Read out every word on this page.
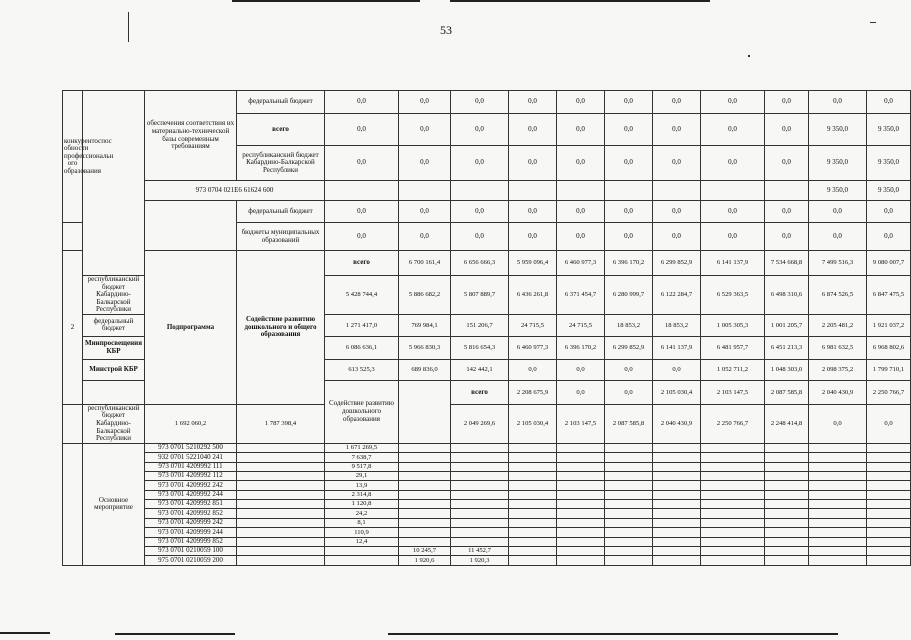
53
конкурентоспос обности профессиональн ого образования		обеспечения соответствия их материально-технической базы современным требованиям	федеральный бюджет	0,0	0,0	0,0	0,0	0,0	0,0	0,0	0,0	0,0	0,0	0,0	
			всего	0,0	0,0	0,0	0,0	0,0	0,0	0,0	0,0	0,0	9 350,0	9 350,0	
			республиканский бюджет Кабардино-Балкарской Республики	0,0	0,0	0,0	0,0	0,0	0,0	0,0	0,0	0,0	9 350,0	9 350,0	
		973 0704 021Е6 61624 600											9 350,0	9 350,0	
			федеральный бюджет	0,0	0,0	0,0	0,0	0,0	0,0	0,0	0,0	0,0	0,0	0,0	
			бюджеты муниципальных образований	0,0	0,0	0,0	0,0	0,0	0,0	0,0	0,0	0,0	0,0	0,0	
2		Подпрограмма	Содействие развитию дошкольного и общего образования	всего	6 700 161,4	6 656 666,3	5 959 096,4	6 460 977,3	6 396 170,2	6 299 852,9	6 141 137,9	7 534 668,8	7 499 516,3	9 080 007,7	
	республиканский бюджет Кабардино-Балкарской Республики			5 428 744,4	5 886 682,2	5 807 889,7	6 436 261,8	6 371 454,7	6 280 999,7	6 122 284,7	6 529 363,5	6 498 310,6	6 874 526,5	6 847 475,5	
	федеральный бюджет			1 271 417,0	769 984,1	151 206,7	24 715,5	24 715,5	18 853,2	18 853,2	1 005 305,3	1 001 205,7	2 205 481,2	1 921 037,2	
	Минпросвещения КБР			6 086 636,1	5 966 830,3	5 816 654,3	6 460 977,3	6 396 170,2	6 299 852,9	6 141 137,9	6 481 957,7	6 451 213,3	6 981 632,5	6 968 802,6	
	Минстрой КБР			613 525,3	689 836,0	142 442,1	0,0	0,0	0,0	0,0	1 052 711,2	1 048 303,0	2 098 375,2	1 799 710,1	
				Содействие развитию дошкольного образования		всего	2 208 675,9	0,0	0,0	2 105 030,4	2 103 147,5	2 087 585,8	2 040 430,9	2 250 766,7			
	республиканский бюджет Кабардино-Балкарской Республики	1 692 060,2	1 787 398,4			2 049 269,6	2 105 030,4	2 103 147,5	2 087 585,8	2 040 430,9	2 250 766,7	2 248 414,8	0,0	0,0	
	Основное мероприятие	973 0701 5210292 500		1 671 269,5											
		932 0701 5221040 241		7 638,7											
		973 0701 4209992 111		9 517,8											
		973 0701 4209992 112		29,1											
		973 0701 4209992 242		13,9											
		973 0701 4209992 244		2 314,8											
		973 0701 4209992 851		1 120,8											
		973 0701 4209992 852		24,2											
		973 0701 4209999 242		8,1											
		973 0701 4209999 244		110,9											
		973 0701 4209999 852		12,4											
		973 0701 0210059 100			10 245,7	11 452,7									
		975 0701 0210059 200			1 920,6	1 920,3									
